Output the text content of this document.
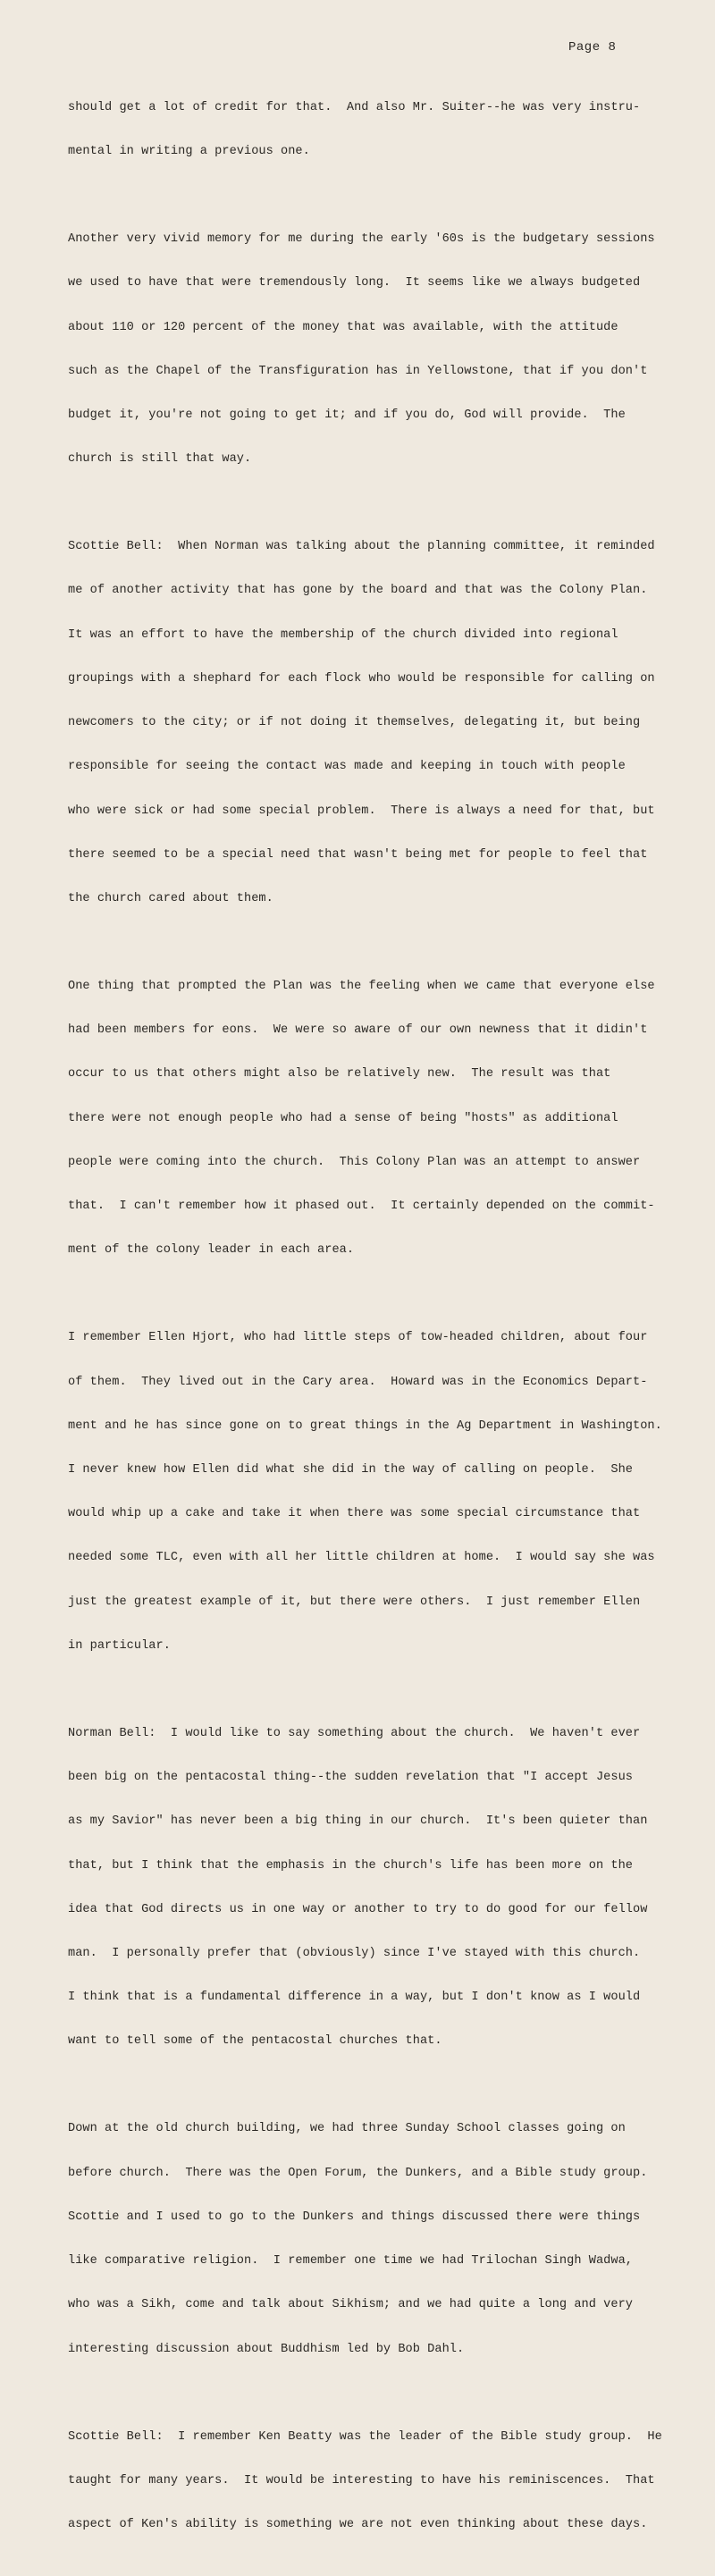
Page 8

should get a lot of credit for that.  And also Mr. Suiter--he was very instru-

mental in writing a previous one.

Another very vivid memory for me during the early '60s is the budgetary sessions

we used to have that were tremendously long.  It seems like we always budgeted

about 110 or 120 percent of the money that was available, with the attitude

such as the Chapel of the Transfiguration has in Yellowstone, that if you don't

budget it, you're not going to get it; and if you do, God will provide.  The

church is still that way.

Scottie Bell:  When Norman was talking about the planning committee, it reminded

me of another activity that has gone by the board and that was the Colony Plan.

It was an effort to have the membership of the church divided into regional

groupings with a shephard for each flock who would be responsible for calling on

newcomers to the city; or if not doing it themselves, delegating it, but being

responsible for seeing the contact was made and keeping in touch with people

who were sick or had some special problem.  There is always a need for that, but

there seemed to be a special need that wasn't being met for people to feel that

the church cared about them.

One thing that prompted the Plan was the feeling when we came that everyone else

had been members for eons.  We were so aware of our own newness that it didin't

occur to us that others might also be relatively new.  The result was that

there were not enough people who had a sense of being "hosts" as additional

people were coming into the church.  This Colony Plan was an attempt to answer

that.  I can't remember how it phased out.  It certainly depended on the commit-

ment of the colony leader in each area.

I remember Ellen Hjort, who had little steps of tow-headed children, about four

of them.  They lived out in the Cary area.  Howard was in the Economics Depart-

ment and he has since gone on to great things in the Ag Department in Washington.

I never knew how Ellen did what she did in the way of calling on people.  She

would whip up a cake and take it when there was some special circumstance that

needed some TLC, even with all her little children at home.  I would say she was

just the greatest example of it, but there were others.  I just remember Ellen

in particular.

Norman Bell:  I would like to say something about the church.  We haven't ever

been big on the pentacostal thing--the sudden revelation that "I accept Jesus

as my Savior" has never been a big thing in our church.  It's been quieter than

that, but I think that the emphasis in the church's life has been more on the

idea that God directs us in one way or another to try to do good for our fellow

man.  I personally prefer that (obviously) since I've stayed with this church.

I think that is a fundamental difference in a way, but I don't know as I would

want to tell some of the pentacostal churches that.

Down at the old church building, we had three Sunday School classes going on

before church.  There was the Open Forum, the Dunkers, and a Bible study group.

Scottie and I used to go to the Dunkers and things discussed there were things

like comparative religion.  I remember one time we had Trilochan Singh Wadwa,

who was a Sikh, come and talk about Sikhism; and we had quite a long and very

interesting discussion about Buddhism led by Bob Dahl.

Scottie Bell:  I remember Ken Beatty was the leader of the Bible study group.  He

taught for many years.  It would be interesting to have his reminiscences.  That

aspect of Ken's ability is something we are not even thinking about these days.
